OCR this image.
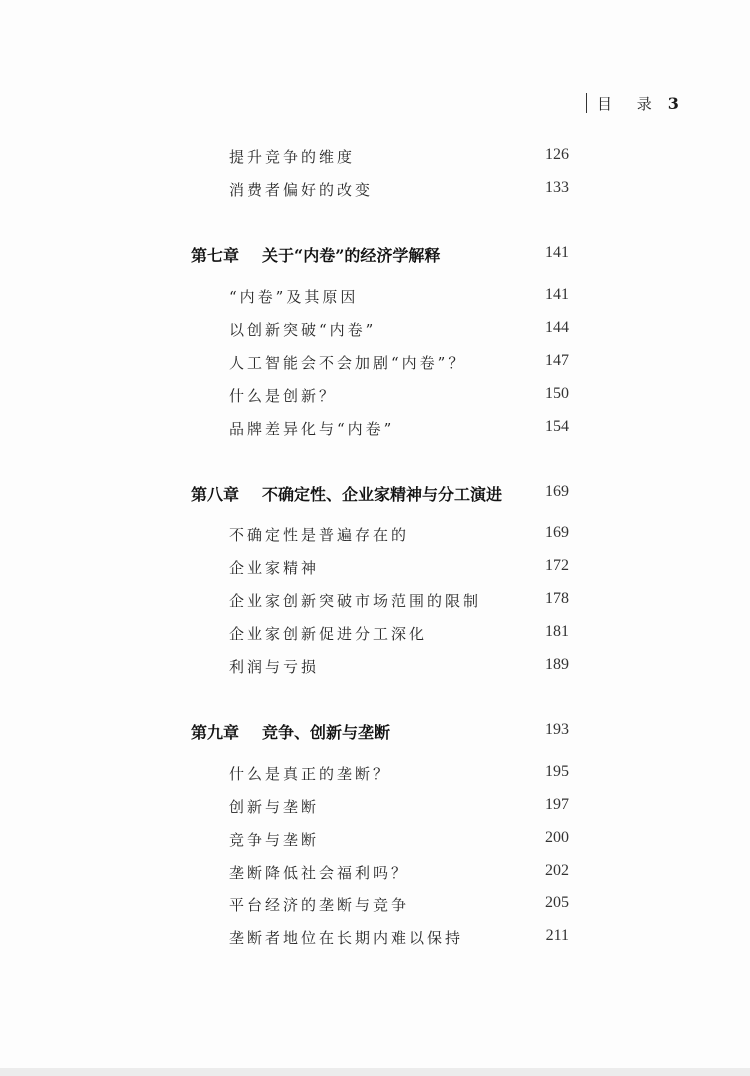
目 录 3
提升竞争的维度	126
消费者偏好的改变	133
第七章 关于“内卷”的经济学解释	141
“内卷”及其原因	141
以创新突破“内卷”	144
人工智能会不会加剧“内卷”？	147
什么是创新？	150
品牌差异化与“内卷”	154
第八章 不确定性、企业家精神与分工演进	169
不确定性是普遍存在的	169
企业家精神	172
企业家创新突破市场范围的限制	178
企业家创新促进分工深化	181
利润与亏损	189
第九章 竞争、创新与垄断	193
什么是真正的垄断？	195
创新与垄断	197
竞争与垄断	200
垄断降低社会福利吗？	202
平台经济的垄断与竞争	205
垄断者地位在长期内难以保持	211
